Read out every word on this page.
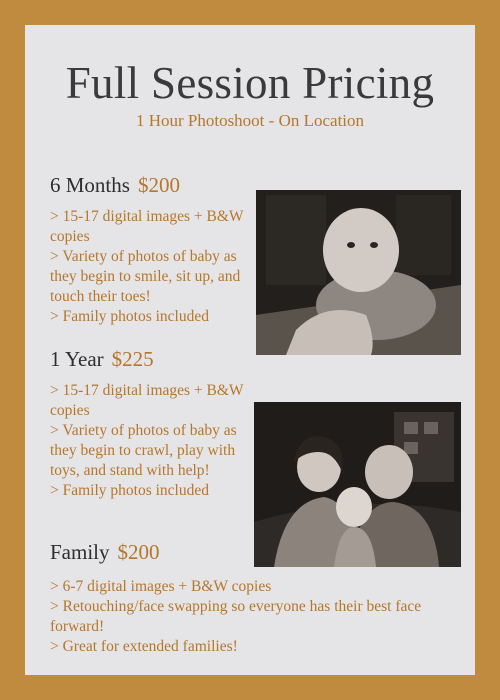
Full Session Pricing
1 Hour Photoshoot - On Location
6 Months $200
> 15-17 digital images + B&W copies
> Variety of photos of baby as they begin to smile, sit up, and touch their toes!
> Family photos included
1 Year $225
> 15-17 digital images + B&W copies
> Variety of photos of baby as they begin to crawl, play with toys, and stand with help!
> Family photos included
Family $200
> 6-7 digital images + B&W copies
> Retouching/face swapping so everyone has their best face forward!
> Great for extended families!
